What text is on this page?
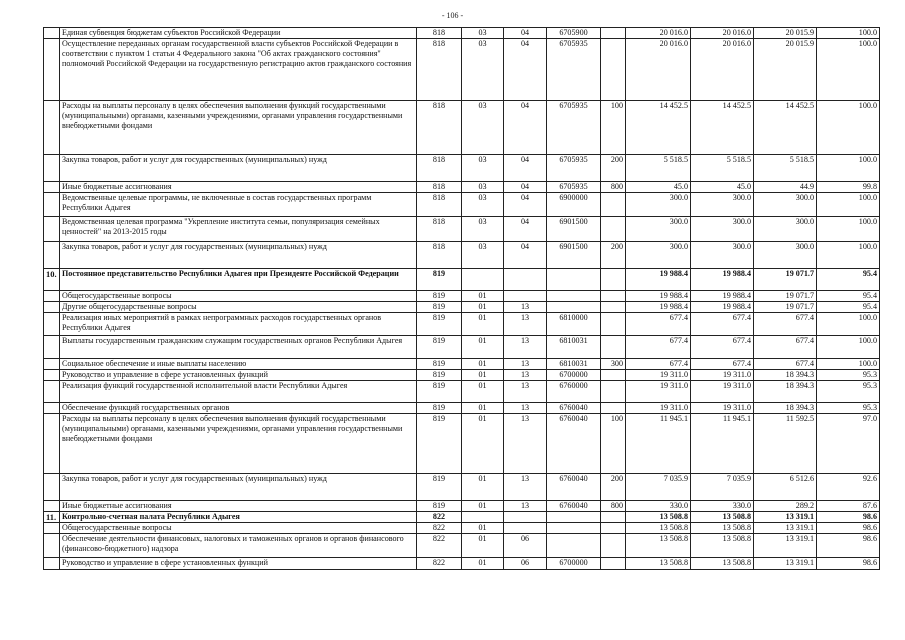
- 106 -
	Единая субвенция бюджетам субъектов Российской Федерации	818	03	04	6705900		20 016.0	20 016.0	20 015.9	100.0
	Осуществление переданных органам государственной власти субъектов Российской Федерации в соответствии с пунктом 1 статьи 4 Федерального закона "Об актах гражданского состояния" полномочий Российской Федерации на государственную регистрацию актов гражданского состояния	818	03	04	6705935		20 016.0	20 016.0	20 015.9	100.0
	Расходы на выплаты персоналу в целях обеспечения выполнения функций государственными (муниципальными) органами, казенными учреждениями, органами управления государственными внебюджетными фондами	818	03	04	6705935	100	14 452.5	14 452.5	14 452.5	100.0
	Закупка товаров, работ и услуг для государственных (муниципальных) нужд	818	03	04	6705935	200	5 518.5	5 518.5	5 518.5	100.0
	Иные бюджетные ассигнования	818	03	04	6705935	800	45.0	45.0	44.9	99.8
	Ведомственные целевые программы, не включенные в состав государственных программ Республики Адыгея	818	03	04	6900000		300.0	300.0	300.0	100.0
	Ведомственная целевая программа "Укрепление института семьи, популяризация семейных ценностей" на 2013-2015 годы	818	03	04	6901500		300.0	300.0	300.0	100.0
	Закупка товаров, работ и услуг для государственных (муниципальных) нужд	818	03	04	6901500	200	300.0	300.0	300.0	100.0
10.	Постоянное представительство Республики Адыгея при Президенте Российской Федерации	819					19 988.4	19 988.4	19 071.7	95.4
	Общегосударственные вопросы	819	01				19 988.4	19 988.4	19 071.7	95.4
	Другие общегосударственные вопросы	819	01	13			19 988.4	19 988.4	19 071.7	95.4
	Реализация иных мероприятий в рамках непрограммных расходов государственных органов Республики Адыгея	819	01	13	6810000		677.4	677.4	677.4	100.0
	Выплаты государственным гражданским служащим государственных органов Республики Адыгея	819	01	13	6810031		677.4	677.4	677.4	100.0
	Социальное обеспечение и иные выплаты населению	819	01	13	6810031	300	677.4	677.4	677.4	100.0
	Руководство и управление в сфере установленных функций	819	01	13	6700000		19 311.0	19 311.0	18 394.3	95.3
	Реализация функций государственной исполнительной власти Республики Адыгея	819	01	13	6760000		19 311.0	19 311.0	18 394.3	95.3
	Обеспечение функций государственных органов	819	01	13	6760040		19 311.0	19 311.0	18 394.3	95.3
	Расходы на выплаты персоналу в целях обеспечения выполнения функций государственными (муниципальными) органами, казенными учреждениями, органами управления государственными внебюджетными фондами	819	01	13	6760040	100	11 945.1	11 945.1	11 592.5	97.0
	Закупка товаров, работ и услуг для государственных (муниципальных) нужд	819	01	13	6760040	200	7 035.9	7 035.9	6 512.6	92.6
	Иные бюджетные ассигнования	819	01	13	6760040	800	330.0	330.0	289.2	87.6
11.	Контрольно-счетная палата Республики Адыгея	822					13 508.8	13 508.8	13 319.1	98.6
	Общегосударственные вопросы	822	01				13 508.8	13 508.8	13 319.1	98.6
	Обеспечение деятельности финансовых, налоговых и таможенных органов и органов финансового (финансово-бюджетного) надзора	822	01	06			13 508.8	13 508.8	13 319.1	98.6
	Руководство и управление в сфере установленных функций	822	01	06	6700000		13 508.8	13 508.8	13 319.1	98.6
